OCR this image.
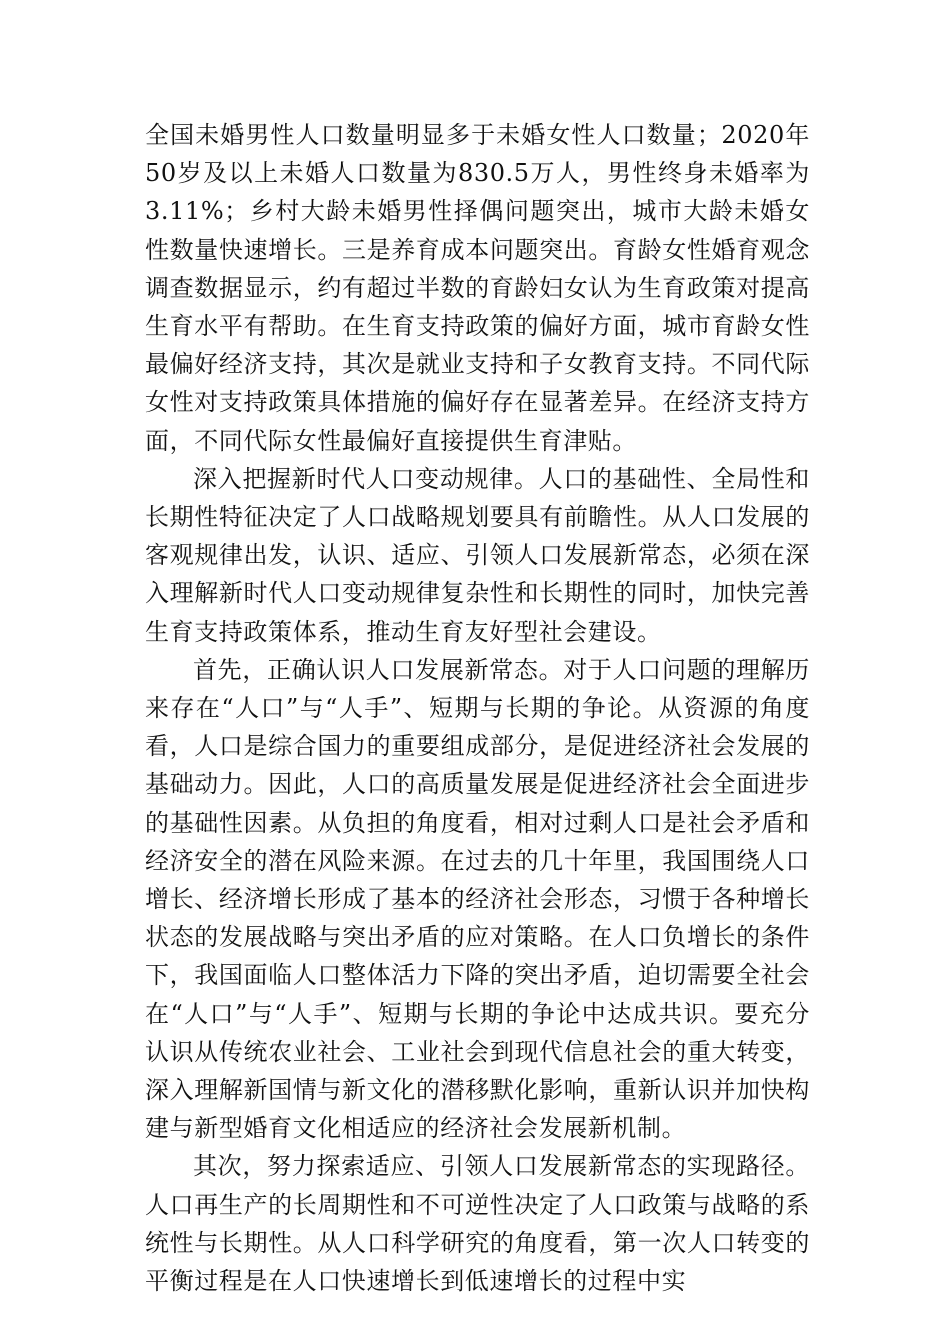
全国未婚男性人口数量明显多于未婚女性人口数量；2020年50岁及以上未婚人口数量为830.5万人，男性终身未婚率为3.11%；乡村大龄未婚男性择偶问题突出，城市大龄未婚女性数量快速增长。三是养育成本问题突出。育龄女性婚育观念调查数据显示，约有超过半数的育龄妇女认为生育政策对提高生育水平有帮助。在生育支持政策的偏好方面，城市育龄女性最偏好经济支持，其次是就业支持和子女教育支持。不同代际女性对支持政策具体措施的偏好存在显著差异。在经济支持方面，不同代际女性最偏好直接提供生育津贴。

深入把握新时代人口变动规律。人口的基础性、全局性和长期性特征决定了人口战略规划要具有前瞻性。从人口发展的客观规律出发，认识、适应、引领人口发展新常态，必须在深入理解新时代人口变动规律复杂性和长期性的同时，加快完善生育支持政策体系，推动生育友好型社会建设。

首先，正确认识人口发展新常态。对于人口问题的理解历来存在“人口”与“人手”、短期与长期的争论。从资源的角度看，人口是综合国力的重要组成部分，是促进经济社会发展的基础动力。因此，人口的高质量发展是促进经济社会全面进步的基础性因素。从负担的角度看，相对过剩人口是社会矛盾和经济安全的潜在风险来源。在过去的几十年里，我国围绕人口增长、经济增长形成了基本的经济社会形态，习惯于各种增长状态的发展战略与突出矛盾的应对策略。在人口负增长的条件下，我国面临人口整体活力下降的突出矛盾，迫切需要全社会在“人口”与“人手”、短期与长期的争论中达成共识。要充分认识从传统农业社会、工业社会到现代信息社会的重大转变，深入理解新国情与新文化的潜移默化影响，重新认识并加快构建与新型婚育文化相适应的经济社会发展新机制。

其次，努力探索适应、引领人口发展新常态的实现路径。人口再生产的长周期性和不可逆性决定了人口政策与战略的系统性与长期性。从人口科学研究的角度看，第一次人口转变的平衡过程是在人口快速增长到低速增长的过程中实
